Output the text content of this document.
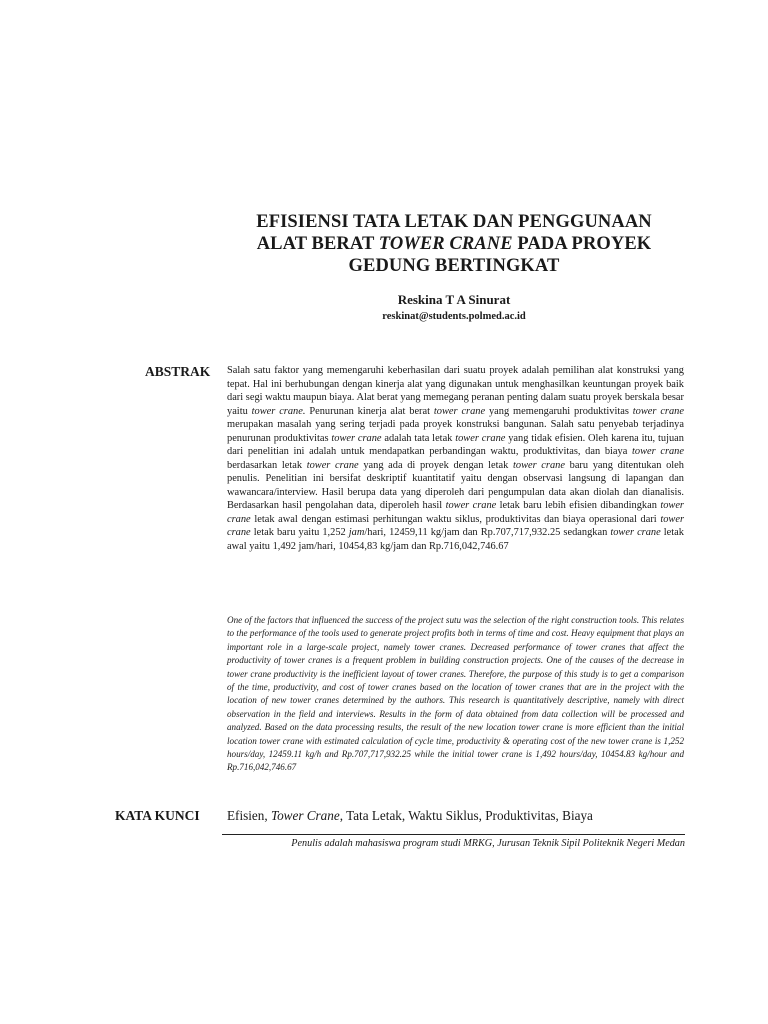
EFISIENSI TATA LETAK DAN PENGGUNAAN
ALAT BERAT TOWER CRANE PADA PROYEK
GEDUNG BERTINGKAT
Reskina T A Sinurat
reskinat@students.polmed.ac.id
ABSTRAK Salah satu faktor yang memengaruhi keberhasilan dari suatu proyek adalah pemilihan alat konstruksi yang tepat. Hal ini berhubungan dengan kinerja alat yang digunakan untuk menghasilkan keuntungan proyek baik dari segi waktu maupun biaya. Alat berat yang memegang peranan penting dalam suatu proyek berskala besar yaitu tower crane. Penurunan kinerja alat berat tower crane yang memengaruhi produktivitas tower crane merupakan masalah yang sering terjadi pada proyek konstruksi bangunan. Salah satu penyebab terjadinya penurunan produktivitas tower crane adalah tata letak tower crane yang tidak efisien. Oleh karena itu, tujuan dari penelitian ini adalah untuk mendapatkan perbandingan waktu, produktivitas, dan biaya tower crane berdasarkan letak tower crane yang ada di proyek dengan letak tower crane baru yang ditentukan oleh penulis. Penelitian ini bersifat deskriptif kuantitatif yaitu dengan observasi langsung di lapangan dan wawancara/interview. Hasil berupa data yang diperoleh dari pengumpulan data akan diolah dan dianalisis. Berdasarkan hasil pengolahan data, diperoleh hasil tower crane letak baru lebih efisien dibandingkan tower crane letak awal dengan estimasi perhitungan waktu siklus, produktivitas dan biaya operasional dari tower crane letak baru yaitu 1,252 jam/hari, 12459,11 kg/jam dan Rp.707,717,932.25 sedangkan tower crane letak awal yaitu 1,492 jam/hari, 10454,83 kg/jam dan Rp.716,042,746.67
One of the factors that influenced the success of the project sutu was the selection of the right construction tools. This relates to the performance of the tools used to generate project profits both in terms of time and cost. Heavy equipment that plays an important role in a large-scale project, namely tower cranes. Decreased performance of tower cranes that affect the productivity of tower cranes is a frequent problem in building construction projects. One of the causes of the decrease in tower crane productivity is the inefficient layout of tower cranes. Therefore, the purpose of this study is to get a comparison of the time, productivity, and cost of tower cranes based on the location of tower cranes that are in the project with the location of new tower cranes determined by the authors. This research is quantitatively descriptive, namely with direct observation in the field and interviews. Results in the form of data obtained from data collection will be processed and analyzed. Based on the data processing results, the result of the new location tower crane is more efficient than the initial location tower crane with estimated calculation of cycle time, productivity & operating cost of the new tower crane is 1,252 hours/day, 12459.11 kg/h and Rp.707,717,932.25 while the initial tower crane is 1,492 hours/day, 10454.83 kg/hour and Rp.716,042,746.67
KATA KUNCI Efisien, Tower Crane, Tata Letak, Waktu Siklus, Produktivitas, Biaya
Penulis adalah mahasiswa program studi MRKG, Jurusan Teknik Sipil Politeknik Negeri Medan
